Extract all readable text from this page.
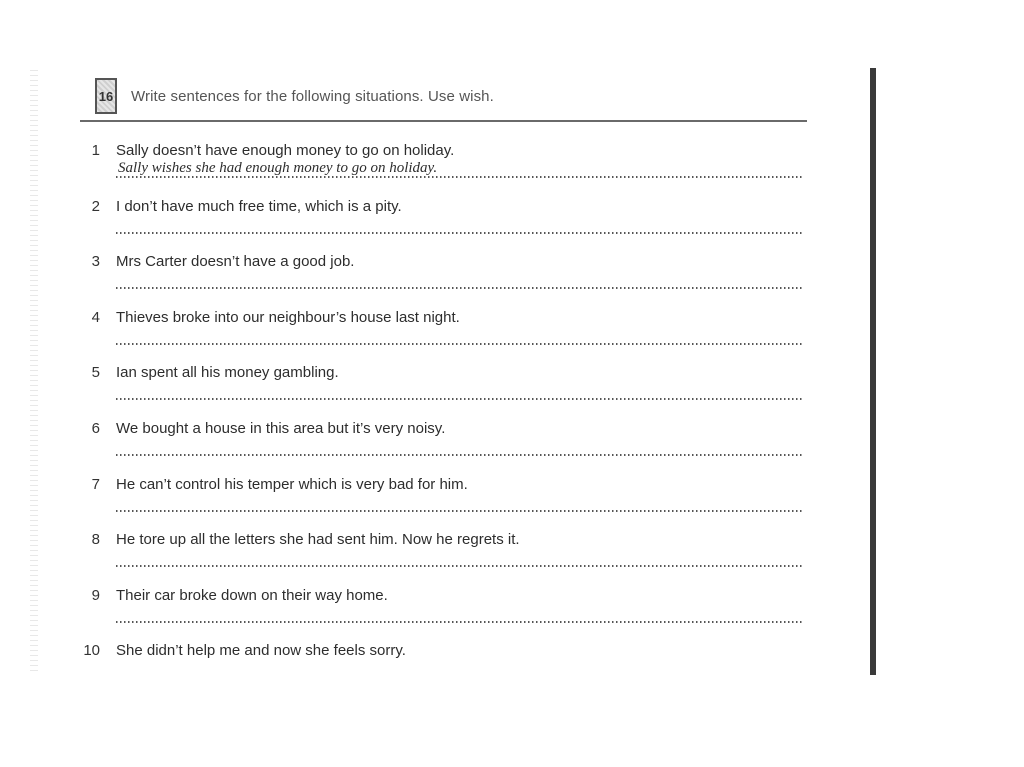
16 Write sentences for the following situations. Use wish.
1 Sally doesn’t have enough money to go on holiday.
Sally wishes she had enough money to go on holiday.
2 I don’t have much free time, which is a pity.
3 Mrs Carter doesn’t have a good job.
4 Thieves broke into our neighbour’s house last night.
5 Ian spent all his money gambling.
6 We bought a house in this area but it’s very noisy.
7 He can’t control his temper which is very bad for him.
8 He tore up all the letters she had sent him. Now he regrets it.
9 Their car broke down on their way home.
10 She didn’t help me and now she feels sorry.
